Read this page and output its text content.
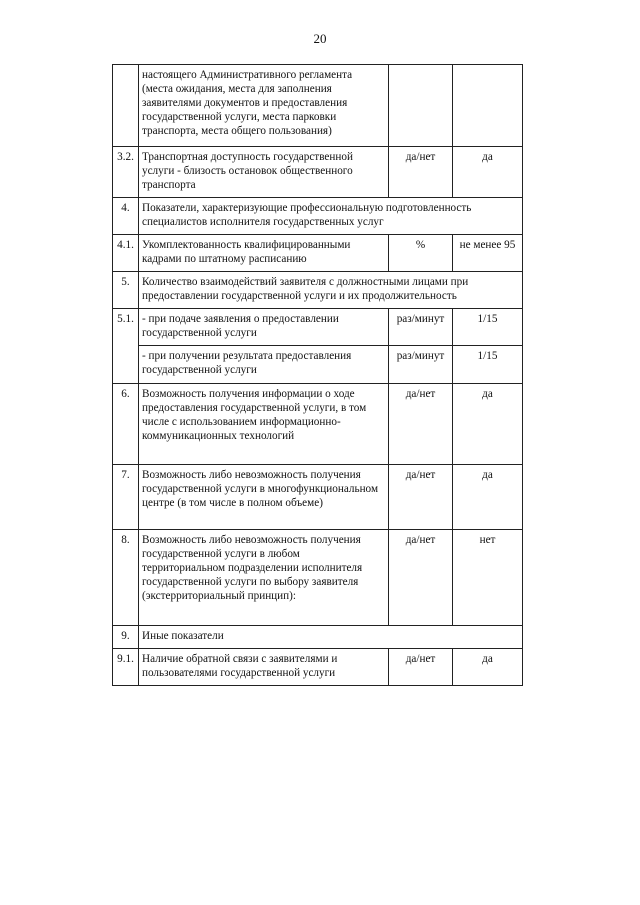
20
	настоящего Административного регламента (места ожидания, места для заполнения заявителями документов и предоставления государственной услуги, места парковки транспорта, места общего пользования)		
3.2.	Транспортная доступность государственной услуги - близость остановок общественного транспорта	да/нет	да
4.	Показатели, характеризующие профессиональную подготовленность специалистов исполнителя государственных услуг		
4.1.	Укомплектованность квалифицированными кадрами по штатному расписанию	%	не менее 95
5.	Количество взаимодействий заявителя с должностными лицами при предоставлении государственной услуги и их продолжительность		
5.1.	- при подаче заявления о предоставлении государственной услуги	раз/минут	1/15
	- при получении результата предоставления государственной услуги	раз/минут	1/15
6.	Возможность получения информации о ходе предоставления государственной услуги, в том числе с использованием информационно-коммуникационных технологий	да/нет	да
7.	Возможность либо невозможность получения государственной услуги в многофункциональном центре (в том числе в полном объеме)	да/нет	да
8.	Возможность либо невозможность получения государственной услуги в любом территориальном подразделении исполнителя государственной услуги по выбору заявителя (экстерриториальный принцип):	да/нет	нет
9.	Иные показатели		
9.1.	Наличие обратной связи с заявителями и пользователями государственной услуги	да/нет	да
